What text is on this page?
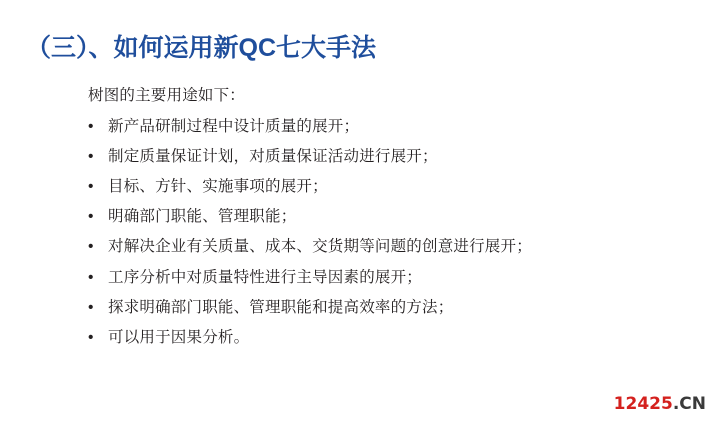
（三）、如何运用新QC七大手法
树图的主要用途如下：
• 新产品研制过程中设计质量的展开；
• 制定质量保证计划，对质量保证活动进行展开；
• 目标、方针、实施事项的展开；
• 明确部门职能、管理职能；
• 对解决企业有关质量、成本、交货期等问题的创意进行展开；
• 工序分析中对质量特性进行主导因素的展开；
• 探求明确部门职能、管理职能和提高效率的方法；
• 可以用于因果分析。
12425.CN
